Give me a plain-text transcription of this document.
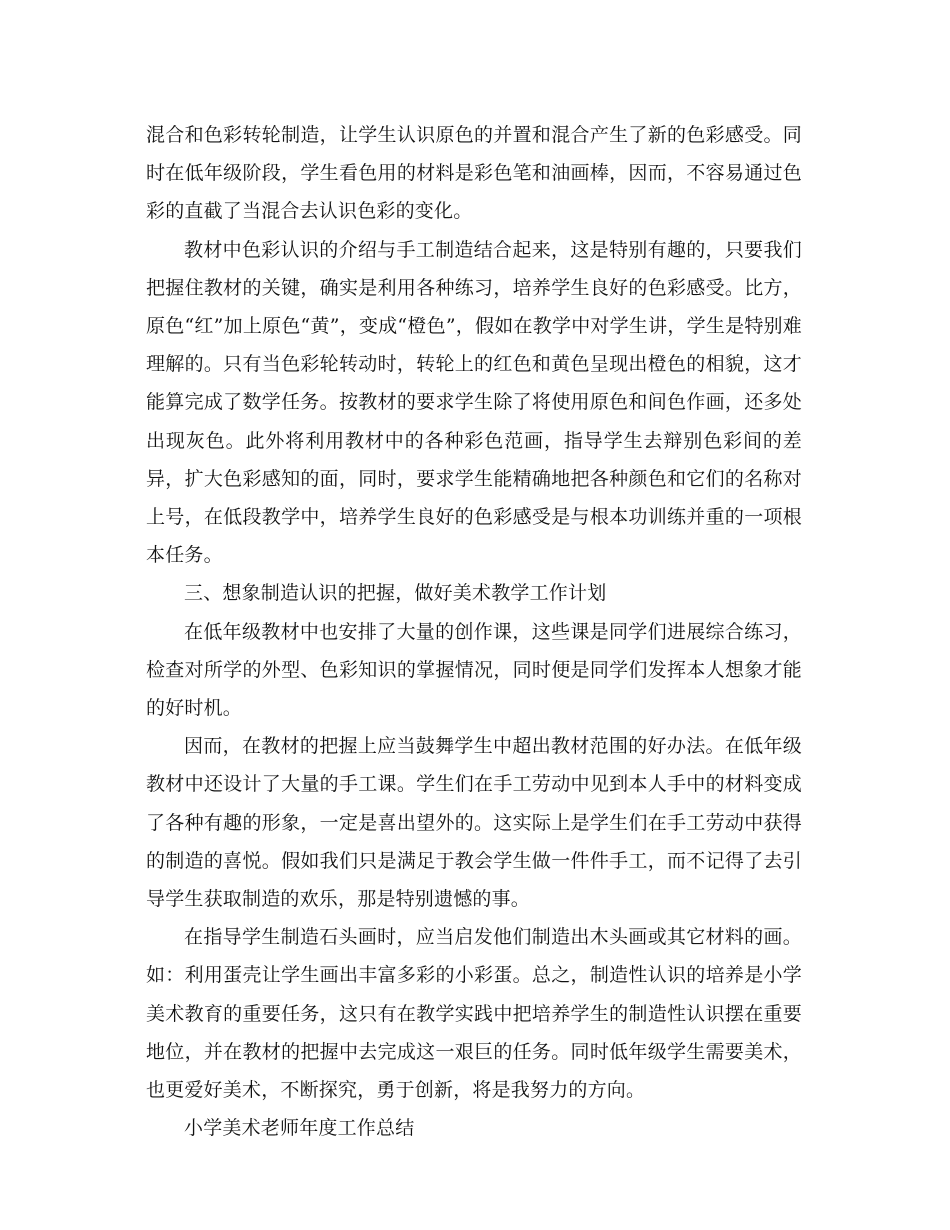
混合和色彩转轮制造，让学生认识原色的并置和混合产生了新的色彩感受。同时在低年级阶段，学生看色用的材料是彩色笔和油画棒，因而，不容易通过色彩的直截了当混合去认识色彩的变化。

教材中色彩认识的介绍与手工制造结合起来，这是特别有趣的，只要我们把握住教材的关键，确实是利用各种练习，培养学生良好的色彩感受。比方，原色“红”加上原色“黄”，变成“橙色”，假如在教学中对学生讲，学生是特别难理解的。只有当色彩轮转动时，转轮上的红色和黄色呈现出橙色的相貌，这才能算完成了数学任务。按教材的要求学生除了将使用原色和间色作画，还多处出现灰色。此外将利用教材中的各种彩色范画，指导学生去辩别色彩间的差异，扩大色彩感知的面，同时，要求学生能精确地把各种颜色和它们的名称对上号，在低段教学中，培养学生良好的色彩感受是与根本功训练并重的一项根本任务。

三、想象制造认识的把握，做好美术教学工作计划

在低年级教材中也安排了大量的创作课，这些课是同学们进展综合练习，检查对所学的外型、色彩知识的掌握情况，同时便是同学们发挥本人想象才能的好时机。

因而，在教材的把握上应当鼓舞学生中超出教材范围的好办法。在低年级教材中还设计了大量的手工课。学生们在手工劳动中见到本人手中的材料变成了各种有趣的形象，一定是喜出望外的。这实际上是学生们在手工劳动中获得的制造的喜悦。假如我们只是满足于教会学生做一件件手工，而不记得了去引导学生获取制造的欢乐，那是特别遗憾的事。

在指导学生制造石头画时，应当启发他们制造出木头画或其它材料的画。如：利用蛋壳让学生画出丰富多彩的小彩蛋。总之，制造性认识的培养是小学美术教育的重要任务，这只有在教学实践中把培养学生的制造性认识摆在重要地位，并在教材的把握中去完成这一艰巨的任务。同时低年级学生需要美术，也更爱好美术，不断探究，勇于创新，将是我努力的方向。

小学美术老师年度工作总结
